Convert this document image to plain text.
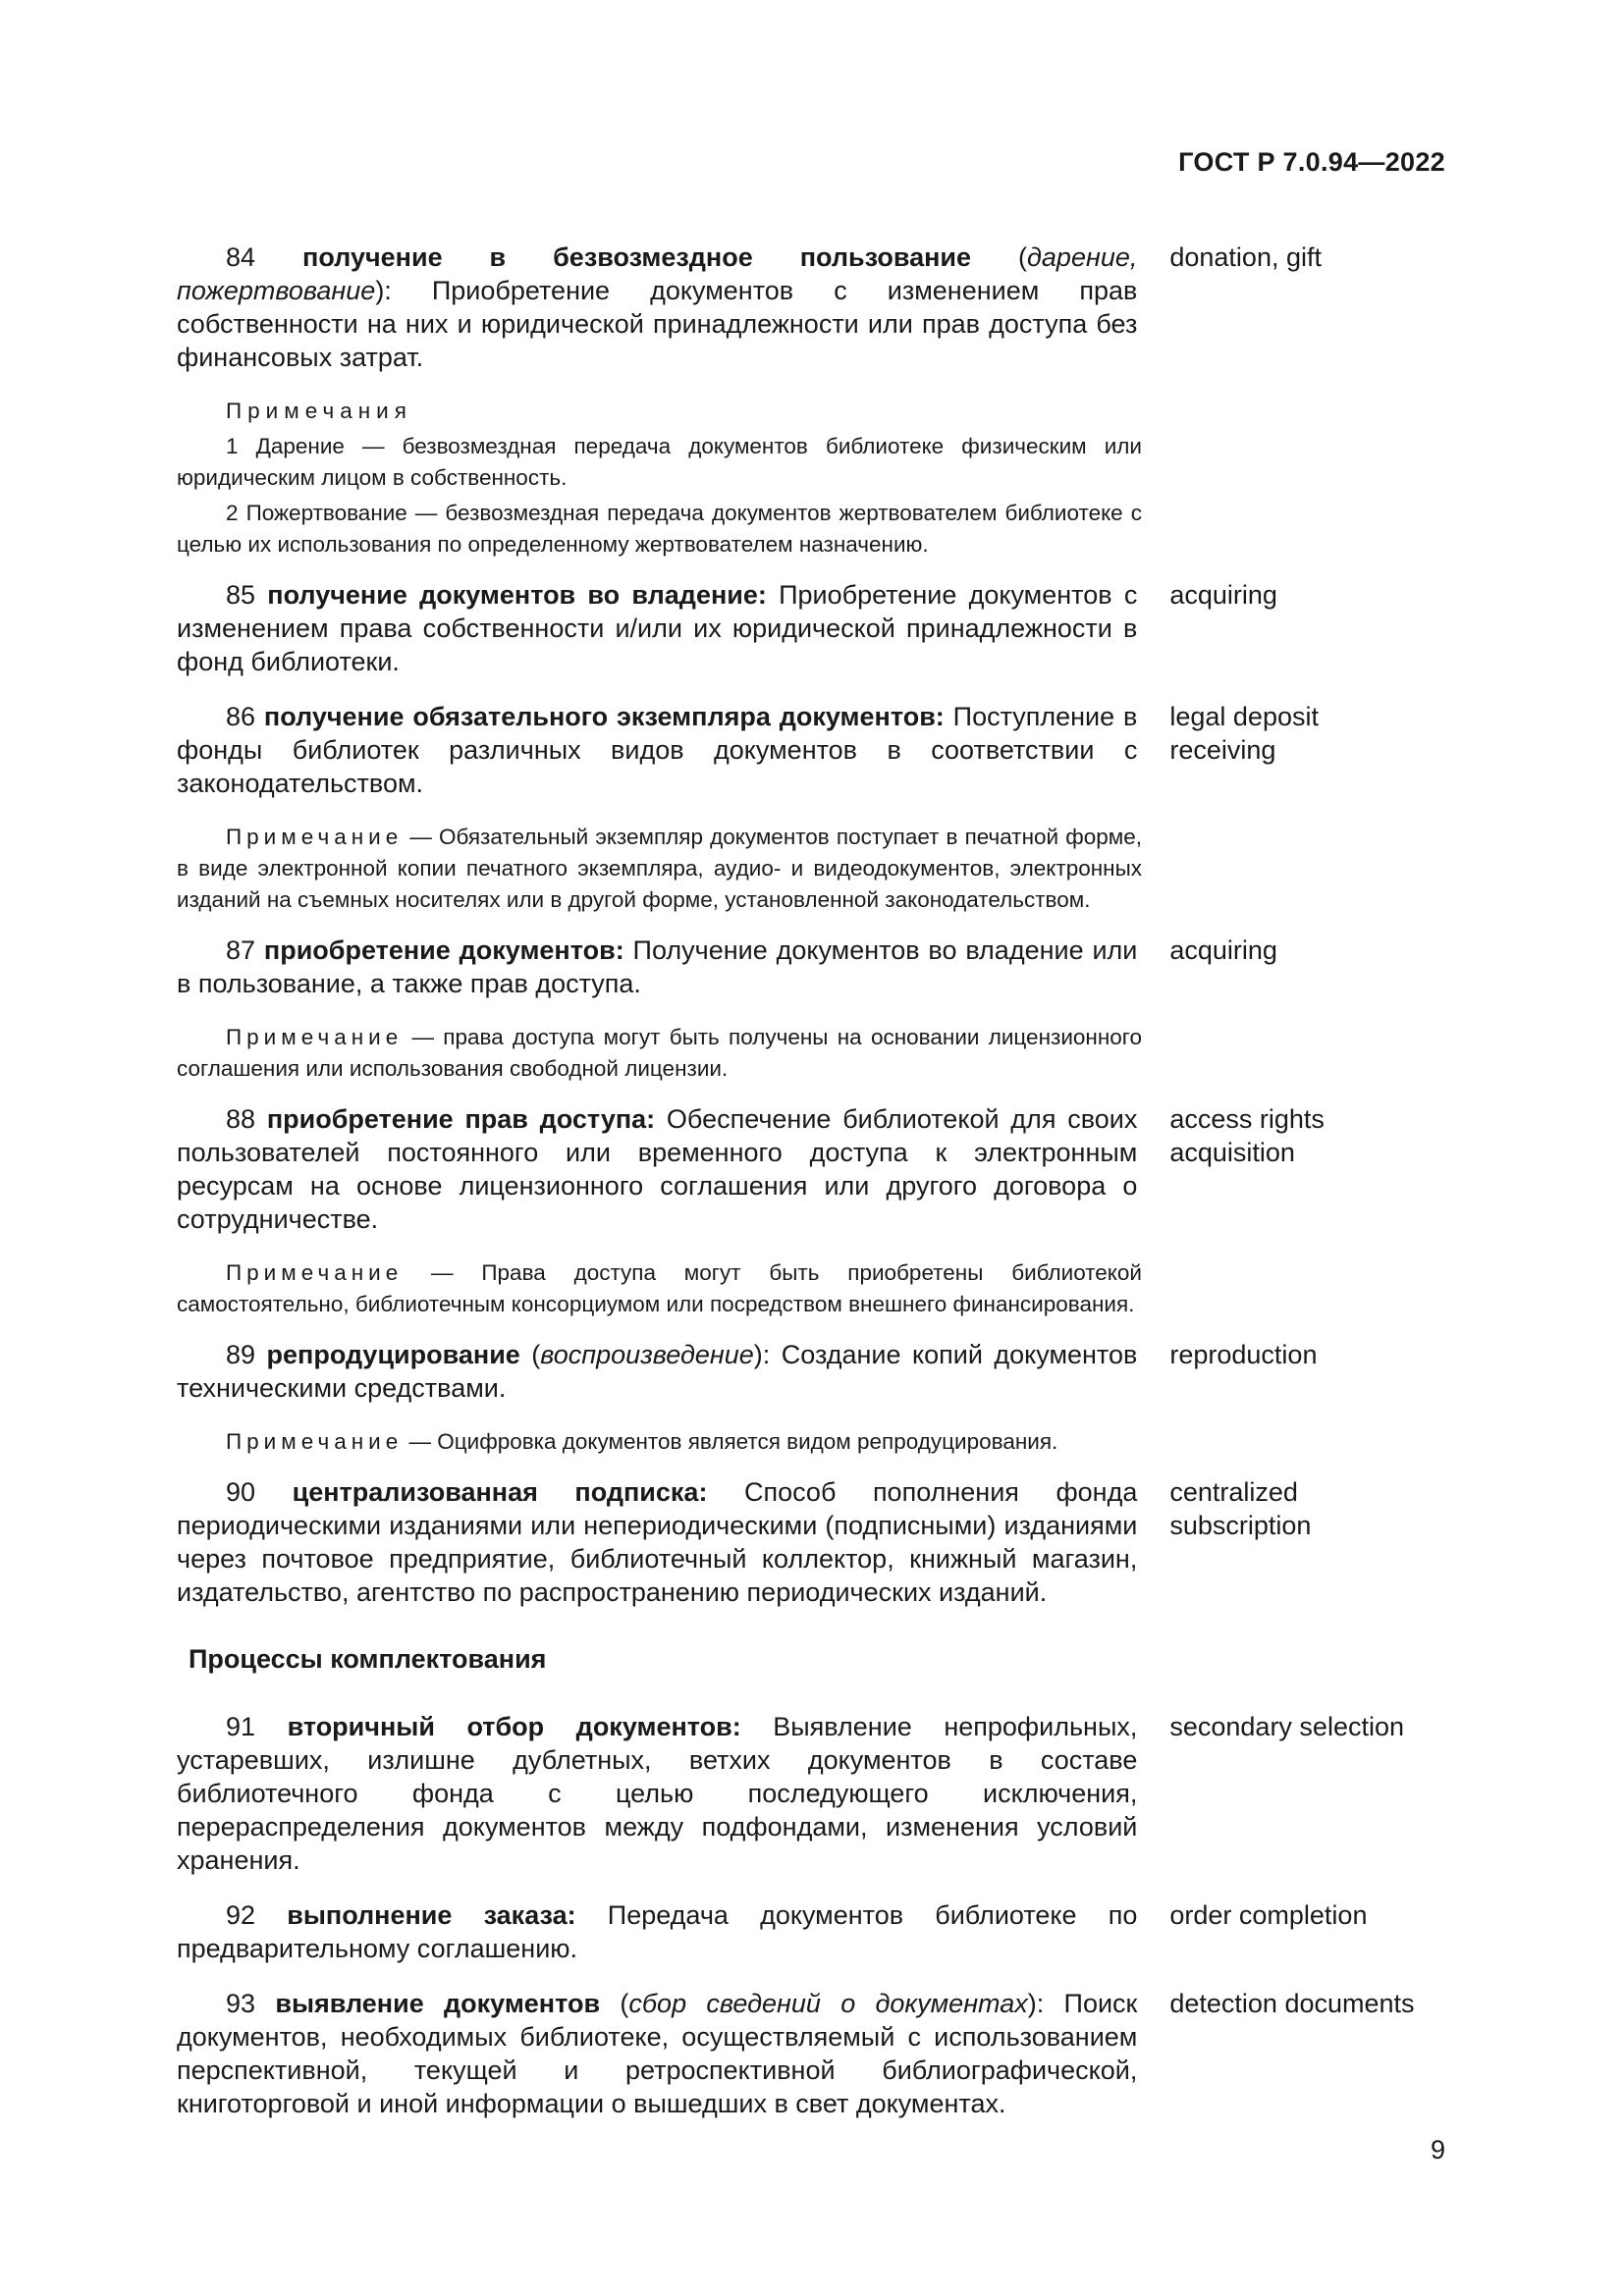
ГОСТ Р 7.0.94—2022
84 получение в безвозмездное пользование (дарение, пожертвование): Приобретение документов с изменением прав собственности на них и юридической принадлежности или прав доступа без финансовых затрат.
donation, gift
Примечания

1 Дарение — безвозмездная передача документов библиотеке физическим или юридическим лицом в собственность.

2 Пожертвование — безвозмездная передача документов жертвователем библиотеке с целью их использования по определенному жертвователем назначению.

85 получение документов во владение: Приобретение документов с изменением права собственности и/или их юридической принадлежности в фонд библиотеки.
acquiring
86 получение обязательного экземпляра документов: Поступление в фонды библиотек различных видов документов в соответствии с законодательством.
legal deposit
receiving

Примечание — Обязательный экземпляр документов поступает в печатной форме, в виде электронной копии печатного экземпляра, аудио- и видеодокументов, электронных изданий на съемных носителях или в другой форме, установленной законодательством.

87 приобретение документов: Получение документов во владение или в пользование, а также прав доступа.
acquiring

Примечание — права доступа могут быть получены на основании лицензионного соглашения или использования свободной лицензии.

88 приобретение прав доступа: Обеспечение библиотекой для своих пользователей постоянного или временного доступа к электронным ресурсам на основе лицензионного соглашения или другого договора о сотрудничестве.
access rights
acquisition

Примечание — Права доступа могут быть приобретены библиотекой самостоятельно, библиотечным консорциумом или посредством внешнего финансирования.

89 репродуцирование (воспроизведение): Создание копий документов техническими средствами.
reproduction

Примечание — Оцифровка документов является видом репродуцирования.

90 централизованная подписка: Способ пополнения фонда периодическими изданиями или непериодическими (подписными) изданиями через почтовое предприятие, библиотечный коллектор, книжный магазин, издательство, агентство по распространению периодических изданий.
centralized
subscription
Процессы комплектования
91 вторичный отбор документов: Выявление непрофильных, устаревших, излишне дублетных, ветхих документов в составе библиотечного фонда с целью последующего исключения, перераспределения документов между подфондами, изменения условий хранения.
secondary selection
92 выполнение заказа: Передача документов библиотеке по предварительному соглашению.
order completion
93 выявление документов (сбор сведений о документах): Поиск документов, необходимых библиотеке, осуществляемый с использованием перспективной, текущей и ретроспективной библиографической, книготорговой и иной информации о вышедших в свет документах.
detection documents
9
